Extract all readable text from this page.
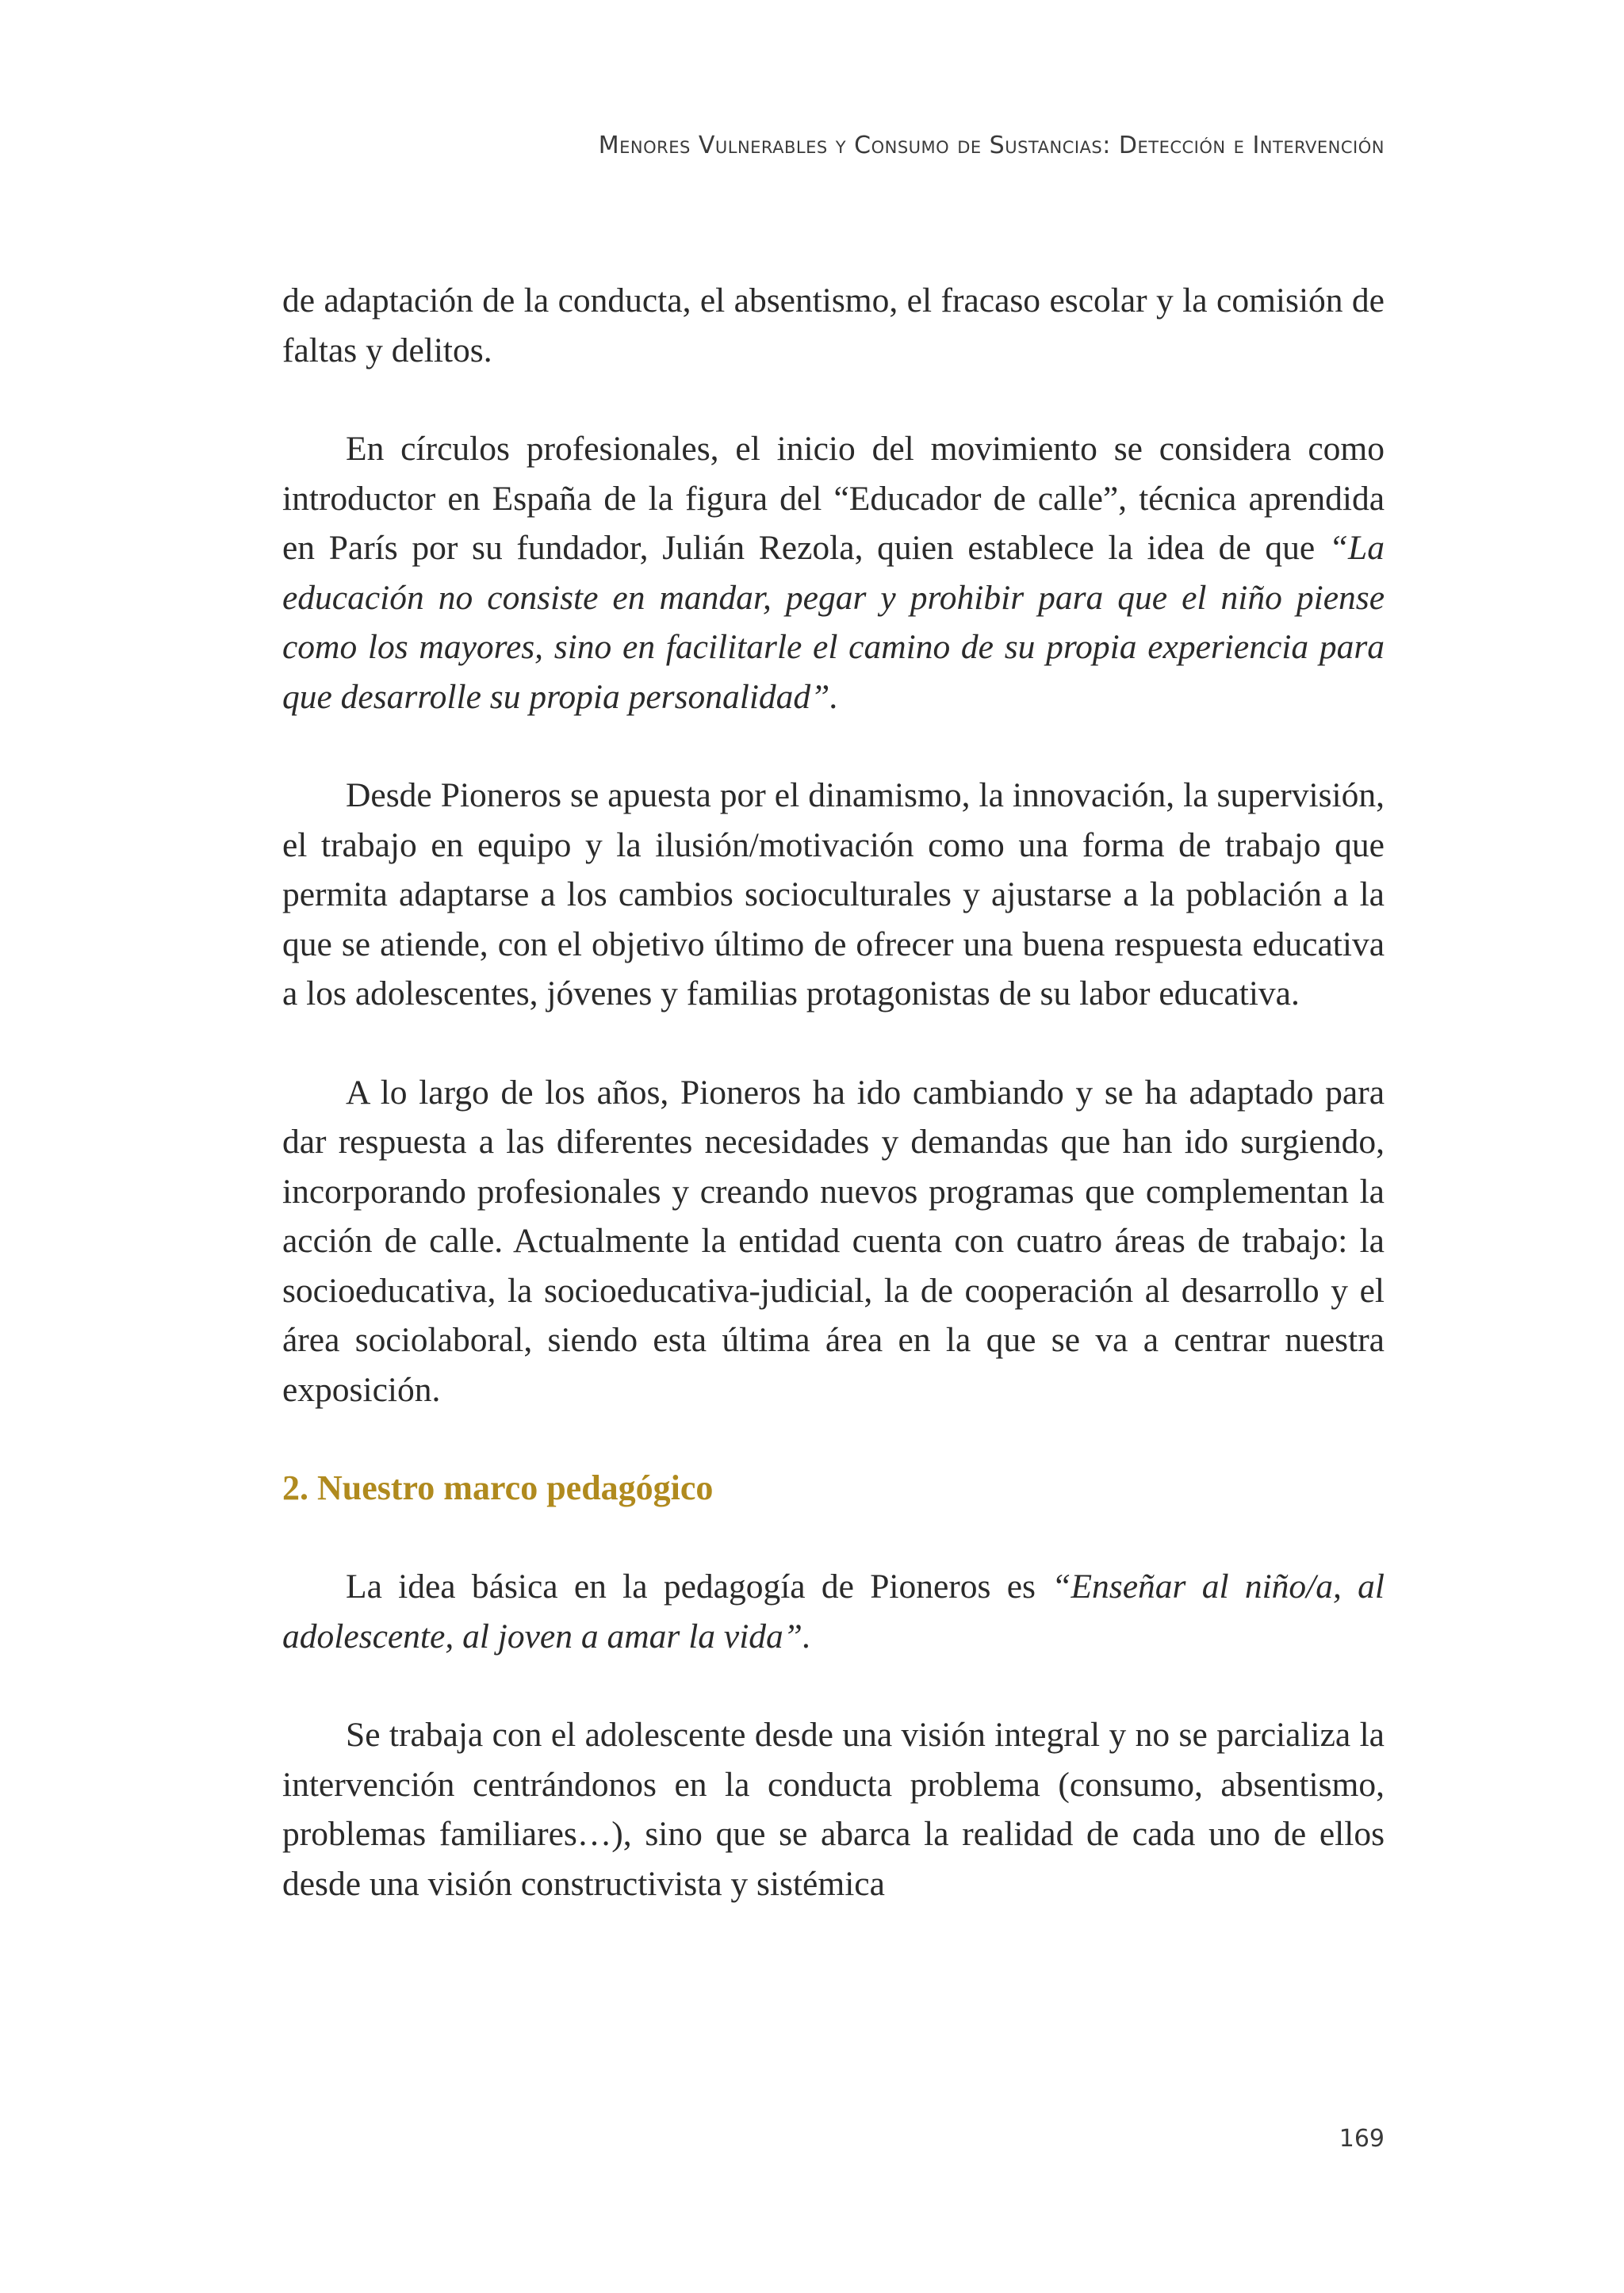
Menores Vulnerables y Consumo de Sustancias: Detección e Intervención

de adaptación de la conducta, el absentismo, el fracaso escolar y la comisión de faltas y delitos.

En círculos profesionales, el inicio del movimiento se considera como introductor en España de la figura del “Educador de calle”, técnica aprendida en París por su fundador, Julián Rezola, quien establece la idea de que “La educación no consiste en mandar, pegar y prohibir para que el niño piense como los mayores, sino en facilitarle el camino de su propia experiencia para que desarrolle su propia personalidad”.

Desde Pioneros se apuesta por el dinamismo, la innovación, la supervisión, el trabajo en equipo y la ilusión/motivación como una forma de trabajo que permita adaptarse a los cambios socioculturales y ajustarse a la población a la que se atiende, con el objetivo último de ofrecer una buena respuesta educativa a los adolescentes, jóvenes y familias protagonistas de su labor educativa.

A lo largo de los años, Pioneros ha ido cambiando y se ha adaptado para dar respuesta a las diferentes necesidades y demandas que han ido surgiendo, incorporando profesionales y creando nuevos programas que complementan la acción de calle. Actualmente la entidad cuenta con cuatro áreas de trabajo: la socioeducativa, la socioeducativa-judicial, la de cooperación al desarrollo y el área sociolaboral, siendo esta última área en la que se va a centrar nuestra exposición.

2. Nuestro marco pedagógico

La idea básica en la pedagogía de Pioneros es “Enseñar al niño/a, al adolescente, al joven a amar la vida”.

Se trabaja con el adolescente desde una visión integral y no se parcializa la intervención centrándonos en la conducta problema (consumo, absentismo, problemas familiares…), sino que se abarca la realidad de cada uno de ellos desde una visión constructivista y sistémica

169
